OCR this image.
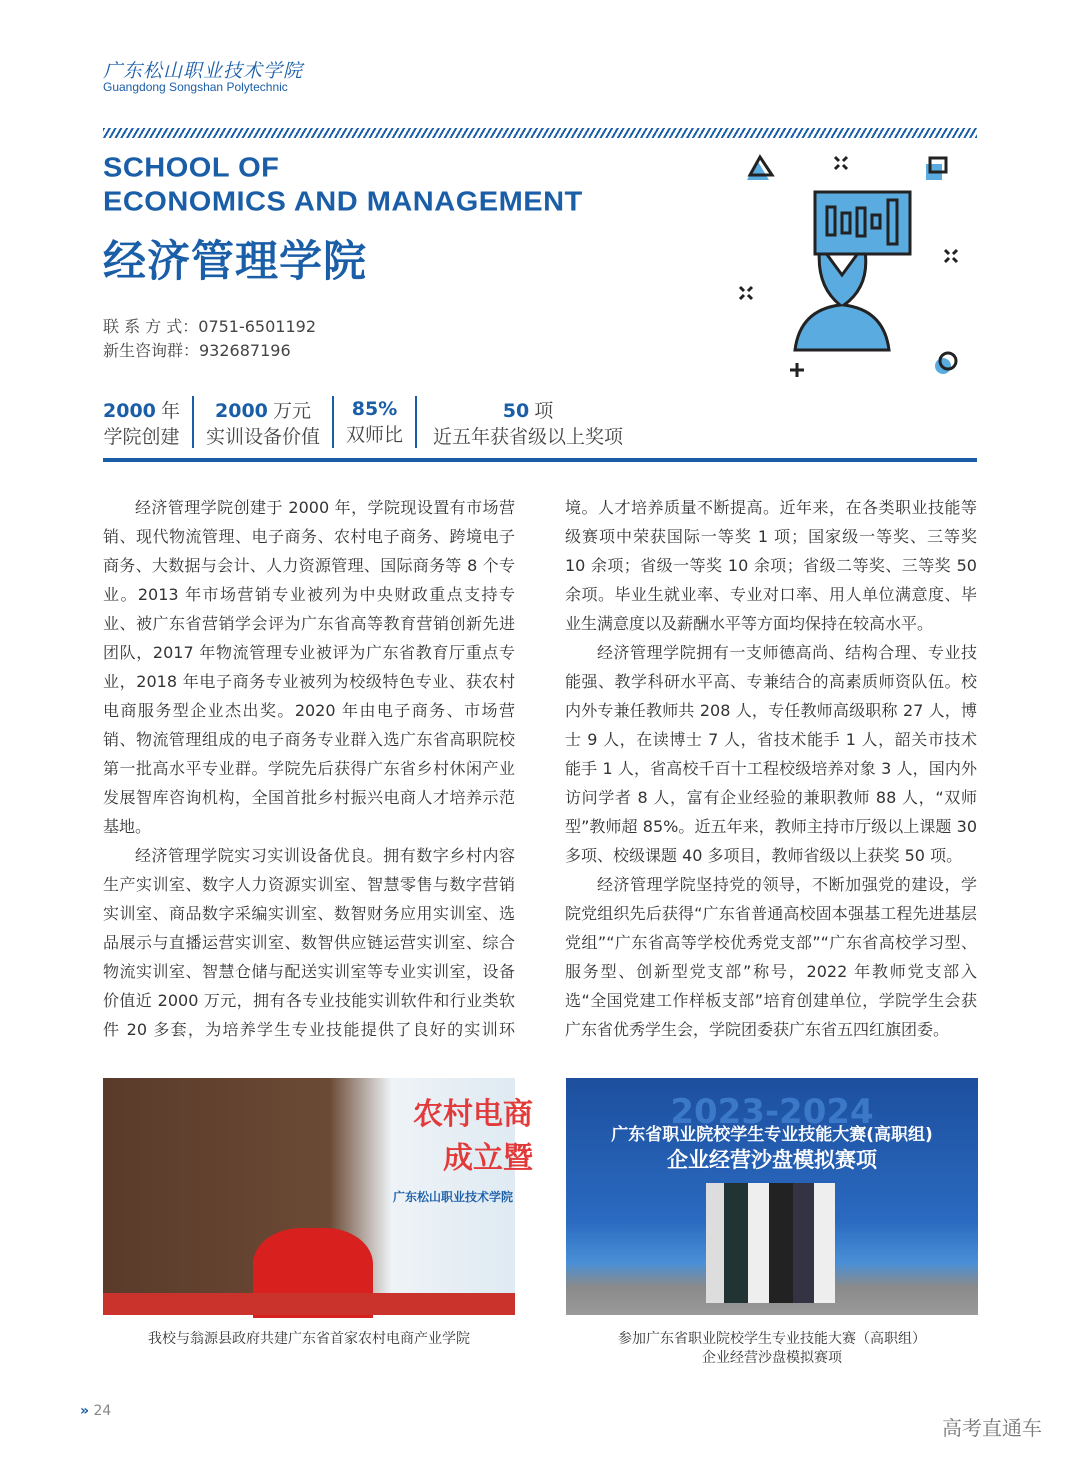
广东松山职业技术学院
Guangdong Songshan Polytechnic
SCHOOL OF
ECONOMICS AND MANAGEMENT
经济管理学院
联 系 方 式：0751-6501192
新生咨询群：932687196
2000 年
学院创建
2000 万元
实训设备价值
85%
双师比
50 项
近五年获省级以上奖项

经济管理学院创建于 2000 年，学院现设置有市场营销、现代物流管理、电子商务、农村电子商务、跨境电子商务、大数据与会计、人力资源管理、国际商务等 8 个专业。2013 年市场营销专业被列为中央财政重点支持专业、被广东省营销学会评为广东省高等教育营销创新先进团队，2017 年物流管理专业被评为广东省教育厅重点专业，2018 年电子商务专业被列为校级特色专业、获农村电商服务型企业杰出奖。2020 年由电子商务、市场营销、物流管理组成的电子商务专业群入选广东省高职院校第一批高水平专业群。学院先后获得广东省乡村休闲产业发展智库咨询机构，全国首批乡村振兴电商人才培养示范基地。

经济管理学院实习实训设备优良。拥有数字乡村内容生产实训室、数字人力资源实训室、智慧零售与数字营销实训室、商品数字采编实训室、数智财务应用实训室、选品展示与直播运营实训室、数智供应链运营实训室、综合物流实训室、智慧仓储与配送实训室等专业实训室，设备价值近 2000 万元，拥有各专业技能实训软件和行业类软件 20 多套，为培养学生专业技能提供了良好的实训环境。人才培养质量不断提高。近年来，在各类职业技能等级赛项中荣获国际一等奖 1 项；国家级一等奖、三等奖 10 余项；省级一等奖 10 余项；省级二等奖、三等奖 50 余项。毕业生就业率、专业对口率、用人单位满意度、毕业生满意度以及薪酬水平等方面均保持在较高水平。

经济管理学院拥有一支师德高尚、结构合理、专业技能强、教学科研水平高、专兼结合的高素质师资队伍。校内外专兼任教师共 208 人，专任教师高级职称 27 人，博士 9 人，在读博士 7 人，省技术能手 1 人，韶关市技术能手 1 人，省高校千百十工程校级培养对象 3 人，国内外访问学者 8 人，富有企业经验的兼职教师 88 人，“双师型”教师超 85%。近五年来，教师主持市厅级以上课题 30 多项、校级课题 40 多项目，教师省级以上获奖 50 项。

经济管理学院坚持党的领导，不断加强党的建设，学院党组织先后获得“广东省普通高校固本强基工程先进基层党组”“广东省高等学校优秀党支部”“广东省高校学习型、服务型、创新型党支部”称号，2022 年教师党支部入选“全国党建工作样板支部”培育创建单位，学院学生会获广东省优秀学生会，学院团委获广东省五四红旗团委。

农村电商 成立暨
广东松山职业技术学院
2023-2024
广东省职业院校学生专业技能大赛(高职组)
企业经营沙盘模拟赛项
我校与翁源县政府共建广东省首家农村电商产业学院	参加广东省职业院校学生专业技能大赛（高职组）
企业经营沙盘模拟赛项
» 24
高考直通车
